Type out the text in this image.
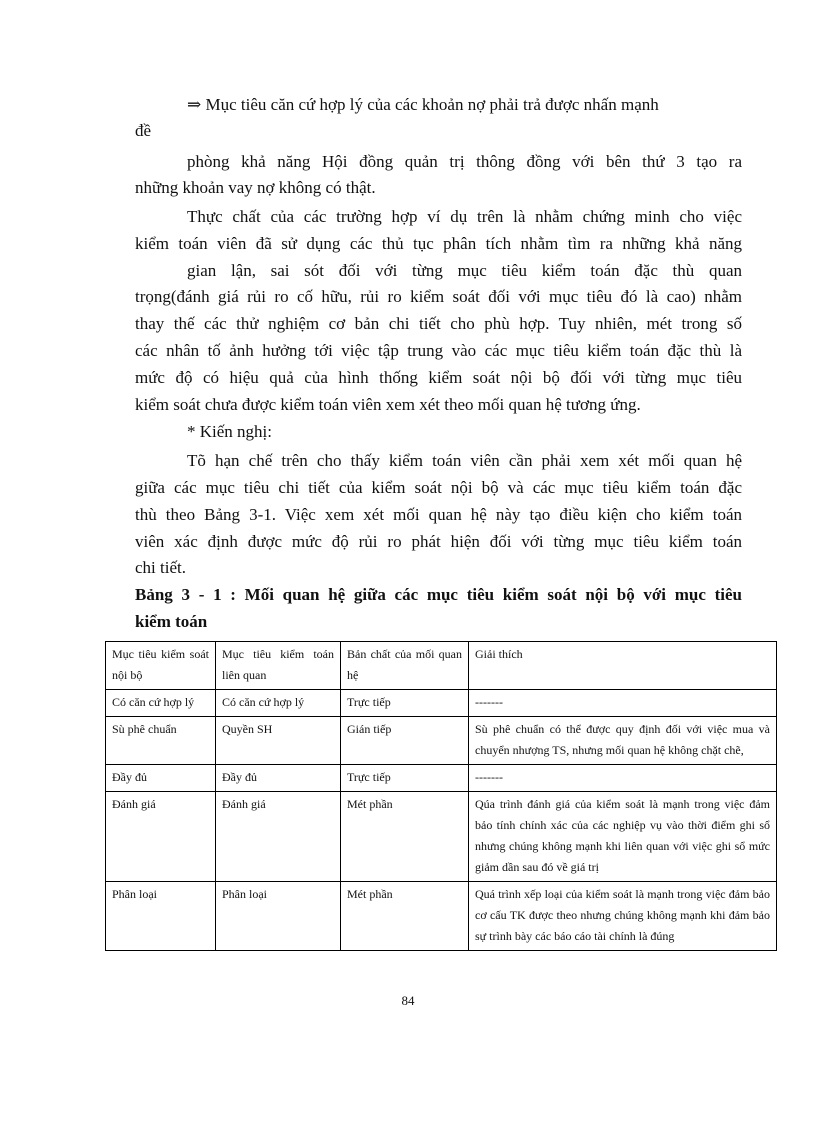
⇒ Mục tiêu căn cứ hợp lý của các khoản nợ phải trả được nhấn mạnh
đề
phòng khả năng Hội đồng quản trị thông đồng với bên thứ 3 tạo ra
những khoản vay nợ không có thật.
Thực chất của các trường hợp ví dụ trên là nhằm chứng minh cho việc
kiểm toán viên đã sử dụng các thủ tục phân tích nhằm tìm ra những khả năng
gian lận, sai sót đối với từng mục tiêu kiểm toán đặc thù quan
trọng(đánh giá rủi ro cố hữu, rủi ro kiểm soát đối với mục tiêu đó là cao) nhằm
thay thế các thử nghiệm cơ bản chi tiết cho phù hợp. Tuy nhiên, mét trong số
các nhân tố ảnh hưởng tới việc tập trung vào các mục tiêu kiểm toán đặc thù là
mức độ có hiệu quả của hình thống kiểm soát nội bộ đối với từng mục tiêu
kiểm soát chưa được kiểm toán viên xem xét theo mối quan hệ tương ứng.
* Kiến nghị:
Tõ hạn chế trên cho thấy kiểm toán viên cần phải xem xét mối quan hệ
giữa các mục tiêu chi tiết của kiểm soát nội bộ và các mục tiêu kiểm toán đặc
thù theo Bảng 3-1. Việc xem xét mối quan hệ này tạo điều kiện cho kiểm toán
viên xác định được mức độ rủi ro phát hiện đối với từng mục tiêu kiểm toán
chi tiết.
Bảng 3 - 1 : Mối quan hệ giữa các mục tiêu kiểm soát nội bộ với mục tiêu
kiểm toán
Mục tiêu kiểm soát nội bộ	Mục tiêu kiểm toán liên quan	Bản chất của mối quan hệ	Giải thích
Có căn cứ hợp lý	Có căn cứ hợp lý	Trực tiếp	-------
Sù phê chuẩn	Quyền SH	Gián tiếp	Sù phê chuẩn có thể được quy định đối với việc mua và chuyển nhượng TS, nhưng mối quan hệ không chặt chẽ,
Đầy đủ	Đầy đủ	Trực tiếp	-------
Đánh giá	Đánh giá	Mét phần	Qúa trình đánh giá của kiểm soát là mạnh trong việc đảm bảo tính chính xác của các nghiệp vụ vào thời điểm ghi sổ nhưng chúng không mạnh khi liên quan với việc ghi sổ mức giảm dần sau đó về giá trị
Phân loại	Phân loại	Mét phần	Quá trình xếp loại của kiểm soát là mạnh trong việc đảm bảo cơ cấu TK được theo nhưng chúng không mạnh khi đảm bảo sự trình bày các báo cáo tài chính là đúng
84
